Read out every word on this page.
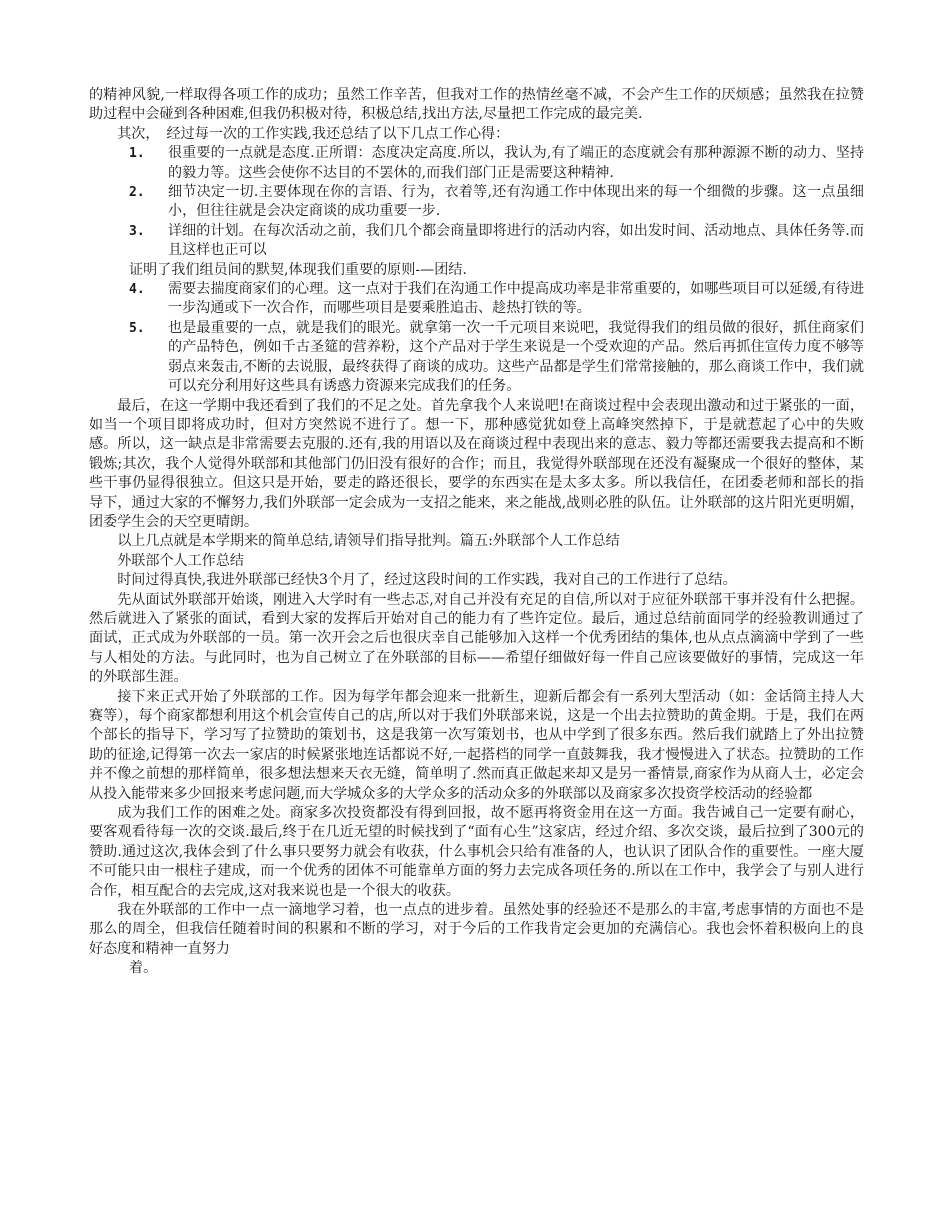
的精神风貌,一样取得各项工作的成功；虽然工作辛苦，但我对工作的热情丝毫不减，不会产生工作的厌烦感；虽然我在拉赞助过程中会碰到各种困难,但我仍积极对待，积极总结,找出方法,尽量把工作完成的最完美.

其次，　经过每一次的工作实践,我还总结了以下几点工作心得：

1 .	很重要的一点就是态度.正所谓：态度决定高度.所以，我认为,有了端正的态度就会有那种源源不断的动力、坚持的毅力等。这些会使你不达目的不罢休的,而我们部门正是需要这种精神.
2 .	细节决定一切.主要体现在你的言语、行为，衣着等,还有沟通工作中体现出来的每一个细微的步骤。这一点虽细小，但往往就是会决定商谈的成功重要一步.
3 .	详细的计划。在每次活动之前，我们几个都会商量即将进行的活动内容，如出发时间、活动地点、具体任务等.而且这样也正可以

证明了我们组员间的默契,体现我们重要的原则-—团结.

4 .	需要去揣度商家们的心理。这一点对于我们在沟通工作中提高成功率是非常重要的，如哪些项目可以延缓,有待进一步沟通或下一次合作，而哪些项目是要乘胜追击、趁热打铁的等。
5 .	也是最重要的一点，就是我们的眼光。就拿第一次一千元项目来说吧，我觉得我们的组员做的很好，抓住商家们的产品特色，例如千古圣筵的营养粉，这个产品对于学生来说是一个受欢迎的产品。然后再抓住宣传力度不够等弱点来轰击,不断的去说服，最终获得了商谈的成功。这些产品都是学生们常常接触的，那么商谈工作中，我们就可以充分利用好这些具有诱惑力资源来完成我们的任务。

最后，在这一学期中我还看到了我们的不足之处。首先拿我个人来说吧!在商谈过程中会表现出激动和过于紧张的一面，如当一个项目即将成功时，但对方突然说不进行了。想一下，那种感觉犹如登上高峰突然掉下，于是就惹起了心中的失败感。所以，这一缺点是非常需要去克服的.还有,我的用语以及在商谈过程中表现出来的意志、毅力等都还需要我去提高和不断锻炼;其次，我个人觉得外联部和其他部门仍旧没有很好的合作；而且，我觉得外联部现在还没有凝聚成一个很好的整体，某些干事仍显得很独立。但这只是开始，要走的路还很长，要学的东西实在是太多太多。所以我信任，在团委老师和部长的指导下，通过大家的不懈努力,我们外联部一定会成为一支招之能来，来之能战,战则必胜的队伍。让外联部的这片阳光更明媚，团委学生会的天空更晴朗。

以上几点就是本学期来的简单总结,请领导们指导批判。篇五:外联部个人工作总结

外联部个人工作总结

时间过得真快,我进外联部已经快3个月了，经过这段时间的工作实践，我对自己的工作进行了总结。

先从面试外联部开始谈，刚进入大学时有一些忐忑,对自己并没有充足的自信,所以对于应征外联部干事并没有什么把握。然后就进入了紧张的面试，看到大家的发挥后开始对自己的能力有了些许定位。最后，通过总结前面同学的经验教训通过了面试，正式成为外联部的一员。第一次开会之后也很庆幸自己能够加入这样一个优秀团结的集体,也从点点滴滴中学到了一些与人相处的方法。与此同时，也为自己树立了在外联部的目标——希望仔细做好每一件自己应该要做好的事情，完成这一年的外联部生涯。

接下来正式开始了外联部的工作。因为每学年都会迎来一批新生，迎新后都会有一系列大型活动（如：金话筒主持人大赛等），每个商家都想利用这个机会宣传自己的店,所以对于我们外联部来说，这是一个出去拉赞助的黄金期。于是，我们在两个部长的指导下，学习写了拉赞助的策划书，这是我第一次写策划书，也从中学到了很多东西。然后我们就踏上了外出拉赞助的征途,记得第一次去一家店的时候紧张地连话都说不好,一起搭档的同学一直鼓舞我，我才慢慢进入了状态。拉赞助的工作并不像之前想的那样简单，很多想法想来天衣无缝，简单明了.然而真正做起来却又是另一番情景,商家作为从商人士，必定会从投入能带来多少回报来考虑问题,而大学城众多的大学众多的活动众多的外联部以及商家多次投资学校活动的经验都

成为我们工作的困难之处。商家多次投资都没有得到回报，故不愿再将资金用在这一方面。我告诫自己一定要有耐心，要客观看待每一次的交谈.最后,终于在几近无望的时候找到了“面有心生”这家店，经过介绍、多次交谈，最后拉到了300元的赞助.通过这次,我体会到了什么事只要努力就会有收获，什么事机会只给有准备的人，也认识了团队合作的重要性。一座大厦不可能只由一根柱子建成，而一个优秀的团体不可能靠单方面的努力去完成各项任务的.所以在工作中，我学会了与别人进行合作，相互配合的去完成,这对我来说也是一个很大的收获。

我在外联部的工作中一点一滴地学习着，也一点点的进步着。虽然处事的经验还不是那么的丰富,考虑事情的方面也不是那么的周全，但我信任随着时间的积累和不断的学习，对于今后的工作我肯定会更加的充满信心。我也会怀着积极向上的良好态度和精神一直努力

着。
